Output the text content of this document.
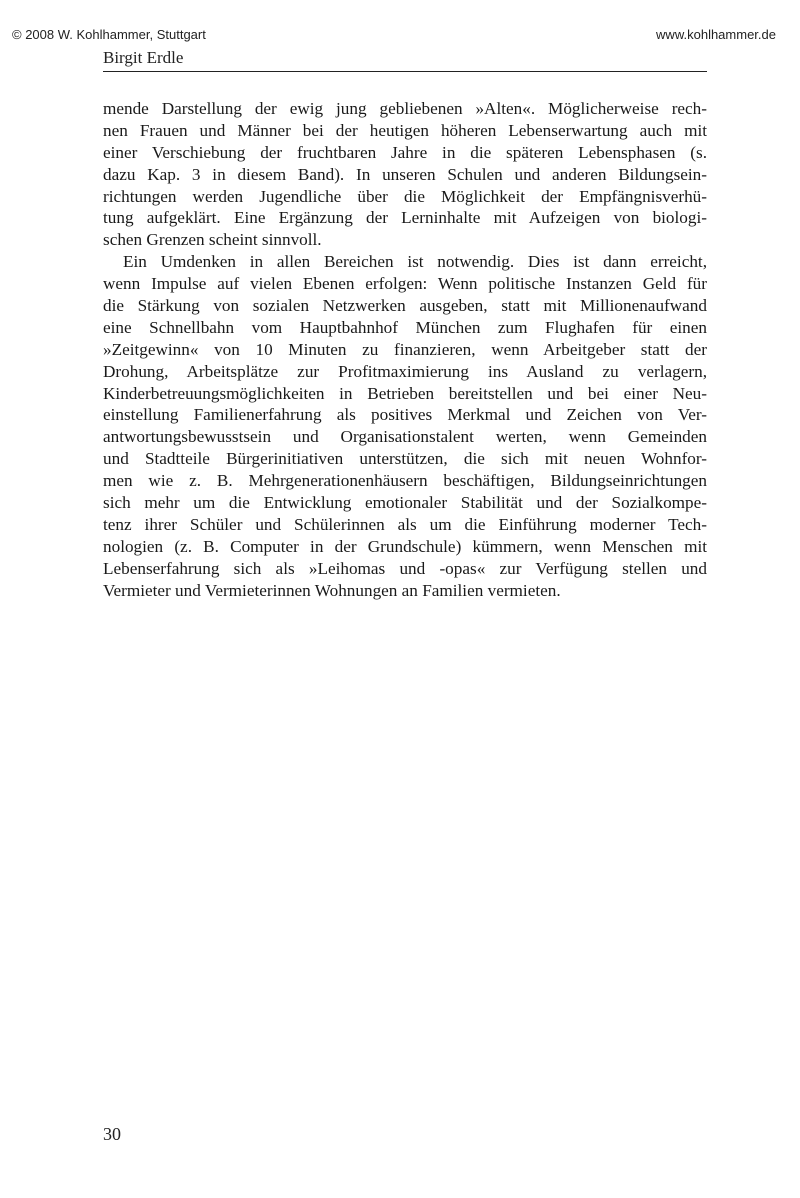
© 2008 W. Kohlhammer, Stuttgart	www.kohlhammer.de
Birgit Erdle
mende Darstellung der ewig jung gebliebenen »Alten«. Möglicherweise rech-
nen Frauen und Männer bei der heutigen höheren Lebenserwartung auch mit
einer Verschiebung der fruchtbaren Jahre in die späteren Lebensphasen (s.
dazu Kap. 3 in diesem Band). In unseren Schulen und anderen Bildungsein-
richtungen werden Jugendliche über die Möglichkeit der Empfängnisverhü-
tung aufgeklärt. Eine Ergänzung der Lerninhalte mit Aufzeigen von biologi-
schen Grenzen scheint sinnvoll.
Ein Umdenken in allen Bereichen ist notwendig. Dies ist dann erreicht,
wenn Impulse auf vielen Ebenen erfolgen: Wenn politische Instanzen Geld für
die Stärkung von sozialen Netzwerken ausgeben, statt mit Millionenaufwand
eine Schnellbahn vom Hauptbahnhof München zum Flughafen für einen
»Zeitgewinn« von 10 Minuten zu finanzieren, wenn Arbeitgeber statt der
Drohung, Arbeitsplätze zur Profitmaximierung ins Ausland zu verlagern,
Kinderbetreuungsmöglichkeiten in Betrieben bereitstellen und bei einer Neu-
einstellung Familienerfahrung als positives Merkmal und Zeichen von Ver-
antwortungsbewusstsein und Organisationstalent werten, wenn Gemeinden
und Stadtteile Bürgerinitiativen unterstützen, die sich mit neuen Wohnfor-
men wie z. B. Mehrgenerationenhäusern beschäftigen, Bildungseinrichtungen
sich mehr um die Entwicklung emotionaler Stabilität und der Sozialkompe-
tenz ihrer Schüler und Schülerinnen als um die Einführung moderner Tech-
nologien (z. B. Computer in der Grundschule) kümmern, wenn Menschen mit
Lebenserfahrung sich als »Leihomas und -opas« zur Verfügung stellen und
Vermieter und Vermieterinnen Wohnungen an Familien vermieten.
30
